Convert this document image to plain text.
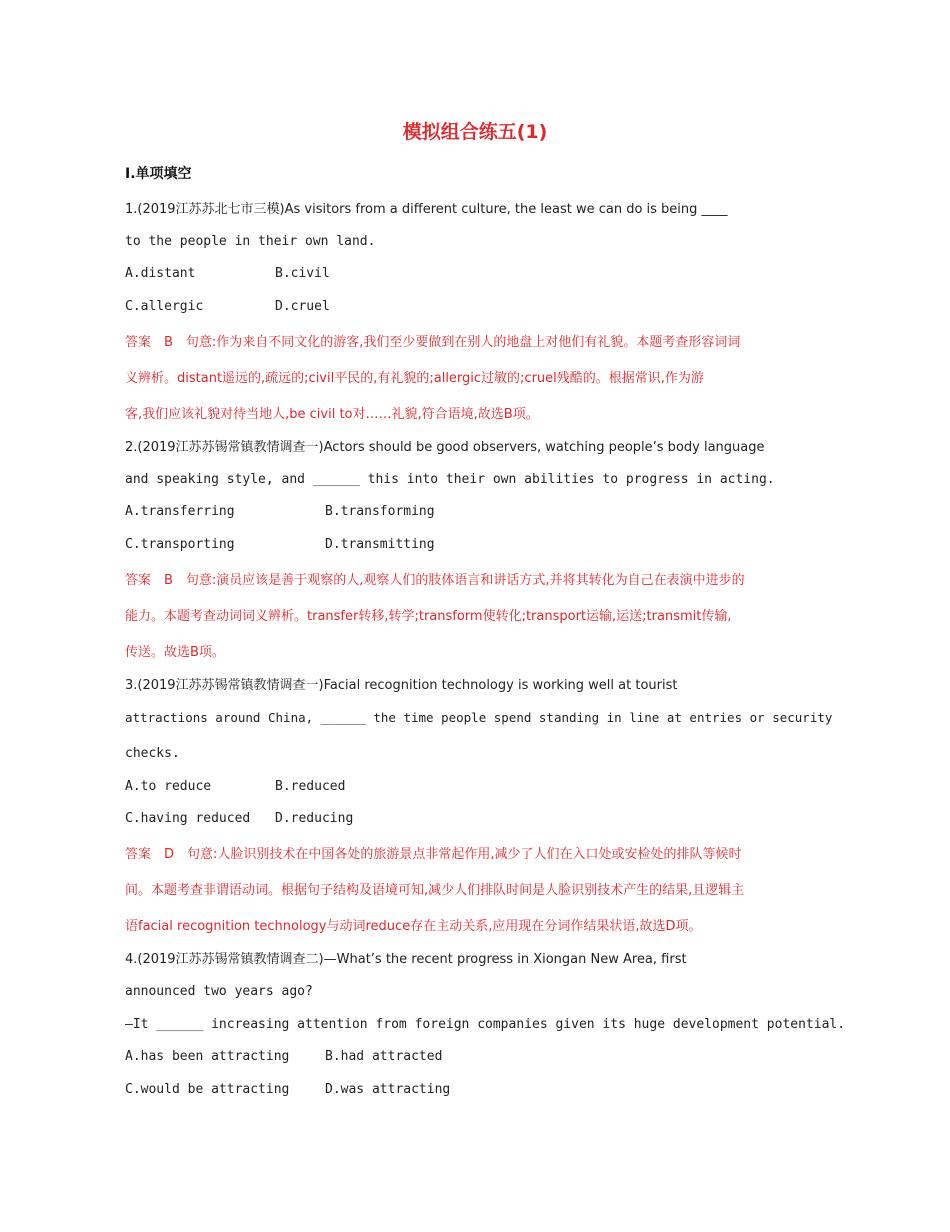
模拟组合练五(1)
Ⅰ.单项填空
1.(2019江苏苏北七市三模)As visitors from a different culture, the least we can do is being ____
to the people in their own land.
A.distant	B.civil
C.allergic	D.cruel
答案　B　句意:作为来自不同文化的游客,我们至少要做到在别人的地盘上对他们有礼貌。本题考查形容词词
义辨析。distant遥远的,疏远的;civil平民的,有礼貌的;allergic过敏的;cruel残酷的。根据常识,作为游
客,我们应该礼貌对待当地人,be civil to对……礼貌,符合语境,故选B项。
2.(2019江苏苏锡常镇教情调查一)Actors should be good observers, watching people’s body language
and speaking style, and ______ this into their own abilities to progress in acting.
A.transferring	B.transforming
C.transporting	D.transmitting
答案　B　句意:演员应该是善于观察的人,观察人们的肢体语言和讲话方式,并将其转化为自己在表演中进步的
能力。本题考查动词词义辨析。transfer转移,转学;transform使转化;transport运输,运送;transmit传输,
传送。故选B项。
3.(2019江苏苏锡常镇教情调查一)Facial recognition technology is working well at tourist
attractions around China, ______ the time people spend standing in line at entries or security
checks.
A.to reduce	B.reduced
C.having reduced D.reducing
答案　D　句意:人脸识别技术在中国各处的旅游景点非常起作用,减少了人们在入口处或安检处的排队等候时
间。本题考查非谓语动词。根据句子结构及语境可知,减少人们排队时间是人脸识别技术产生的结果,且逻辑主
语facial recognition technology与动词reduce存在主动关系,应用现在分词作结果状语,故选D项。
4.(2019江苏苏锡常镇教情调查二)—What’s the recent progress in Xiongan New Area, first
announced two years ago?
—It ______ increasing attention from foreign companies given its huge development potential.
A.has been attracting	B.had attracted
C.would be attracting	D.was attracting
